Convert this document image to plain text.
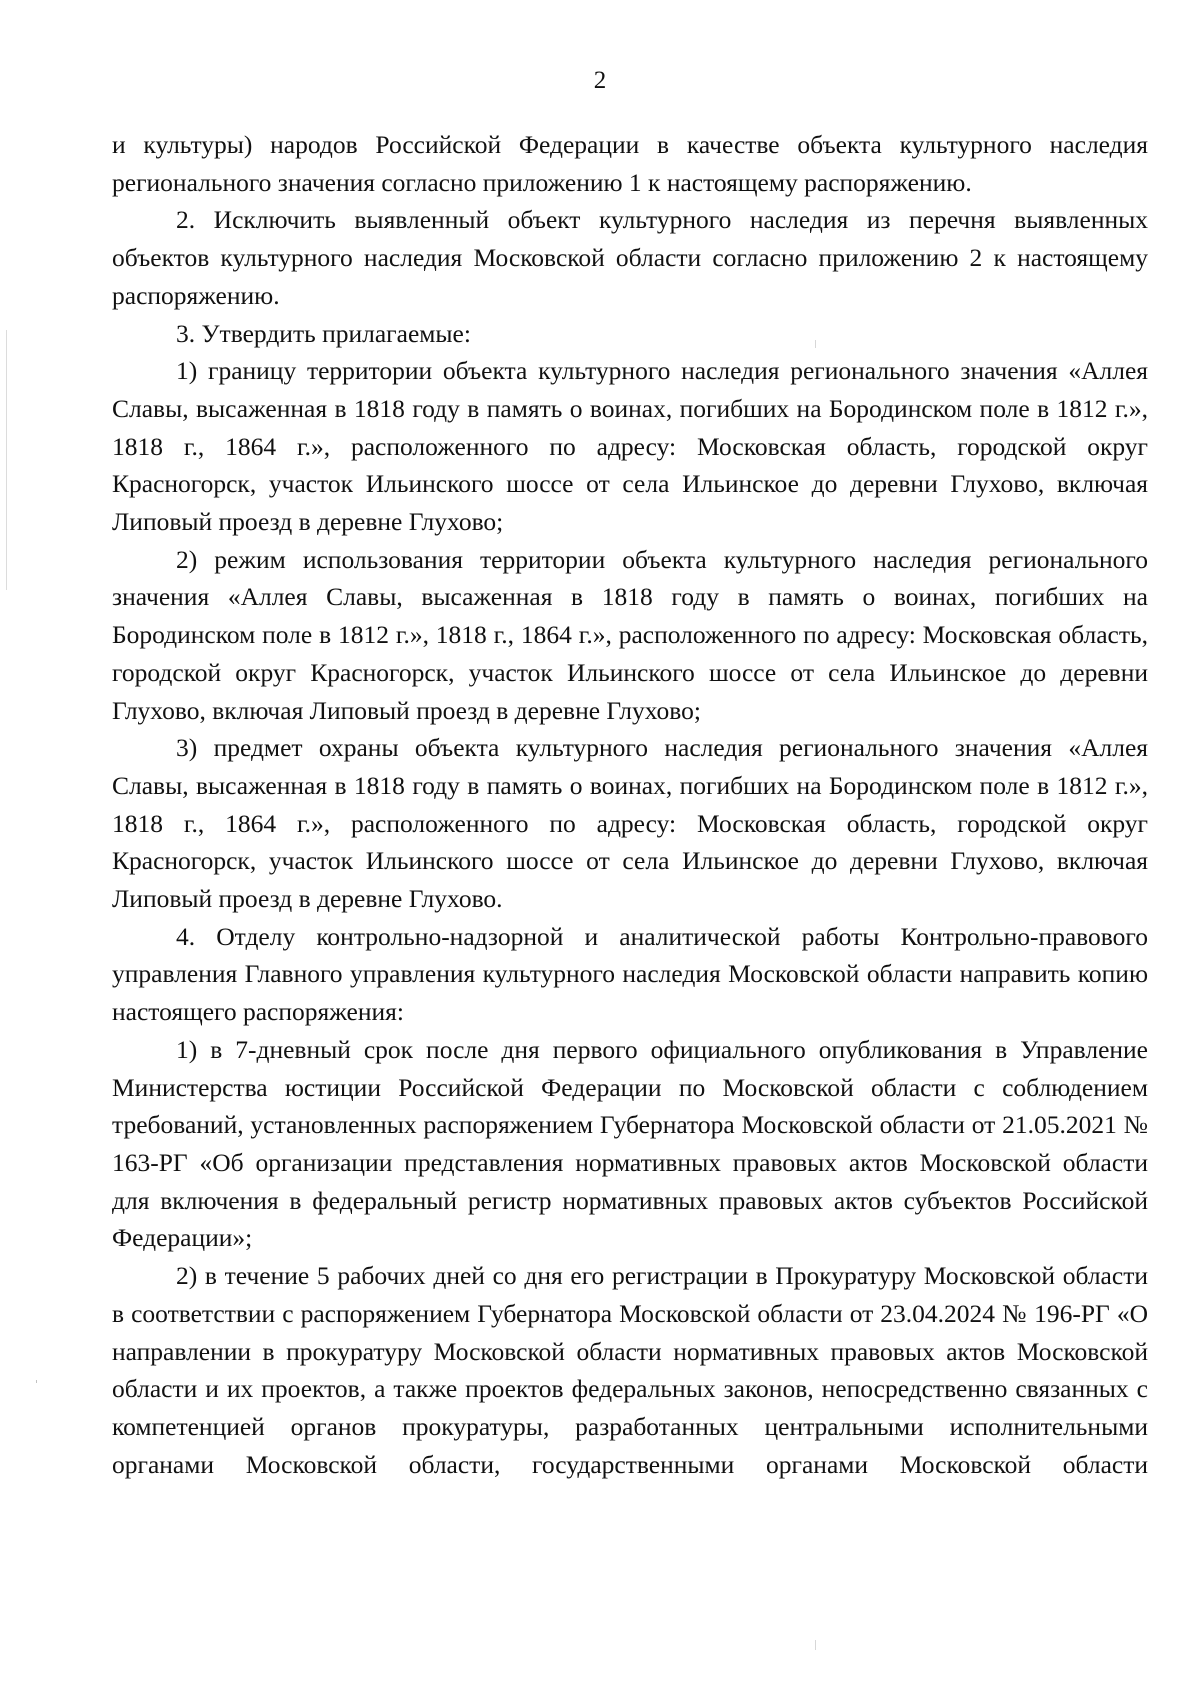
2

и культуры) народов Российской Федерации в качестве объекта культурного наследия регионального значения согласно приложению 1 к настоящему распоряжению.

2. Исключить выявленный объект культурного наследия из перечня выявленных объектов культурного наследия Московской области согласно приложению 2 к настоящему распоряжению.

3. Утвердить прилагаемые:

1) границу территории объекта культурного наследия регионального значения «Аллея Славы, высаженная в 1818 году в память о воинах, погибших на Бородинском поле в 1812 г.», 1818 г., 1864 г.», расположенного по адресу: Московская область, городской округ Красногорск, участок Ильинского шоссе от села Ильинское до деревни Глухово, включая Липовый проезд в деревне Глухово;

2) режим использования территории объекта культурного наследия регионального значения «Аллея Славы, высаженная в 1818 году в память о воинах, погибших на Бородинском поле в 1812 г.», 1818 г., 1864 г.», расположенного по адресу: Московская область, городской округ Красногорск, участок Ильинского шоссе от села Ильинское до деревни Глухово, включая Липовый проезд в деревне Глухово;

3) предмет охраны объекта культурного наследия регионального значения «Аллея Славы, высаженная в 1818 году в память о воинах, погибших на Бородинском поле в 1812 г.», 1818 г., 1864 г.», расположенного по адресу: Московская область, городской округ Красногорск, участок Ильинского шоссе от села Ильинское до деревни Глухово, включая Липовый проезд в деревне Глухово.

4. Отделу контрольно-надзорной и аналитической работы Контрольно-правового управления Главного управления культурного наследия Московской области направить копию настоящего распоряжения:

1) в 7-дневный срок после дня первого официального опубликования в Управление Министерства юстиции Российской Федерации по Московской области с соблюдением требований, установленных распоряжением Губернатора Московской области от 21.05.2021 № 163-РГ «Об организации представления нормативных правовых актов Московской области для включения в федеральный регистр нормативных правовых актов субъектов Российской Федерации»;

2) в течение 5 рабочих дней со дня его регистрации в Прокуратуру Московской области в соответствии с распоряжением Губернатора Московской области от 23.04.2024 № 196-РГ «О направлении в прокуратуру Московской области нормативных правовых актов Московской области и их проектов, а также проектов федеральных законов, непосредственно связанных с компетенцией органов прокуратуры, разработанных центральными исполнительными органами Московской области, государственными органами Московской области
